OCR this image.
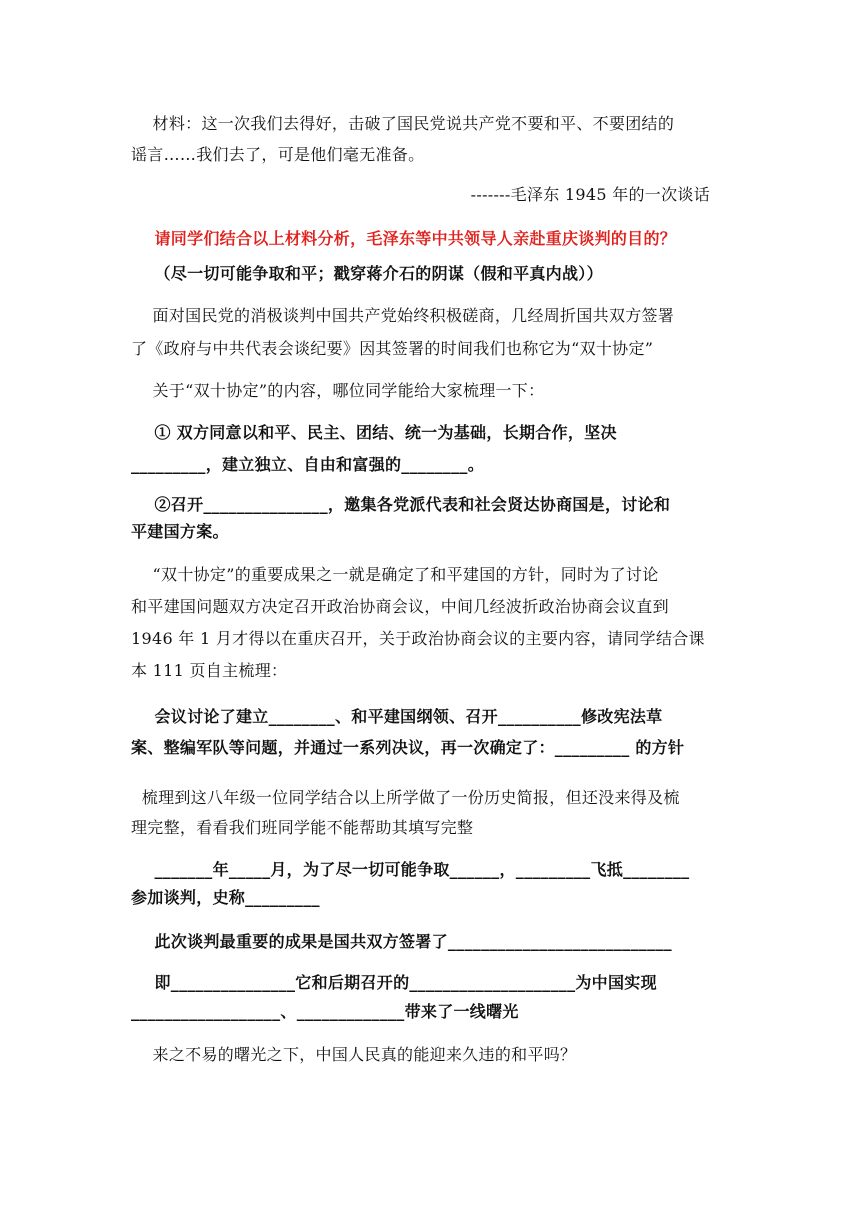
材料：这一次我们去得好，击破了国民党说共产党不要和平、不要团结的
谣言……我们去了，可是他们毫无准备。
-------毛泽东 1945 年的一次谈话
请同学们结合以上材料分析，毛泽东等中共领导人亲赴重庆谈判的目的？
（尽一切可能争取和平；戳穿蒋介石的阴谋（假和平真内战））
面对国民党的消极谈判中国共产党始终积极磋商，几经周折国共双方签署
了《政府与中共代表会谈纪要》因其签署的时间我们也称它为“双十协定”
关于“双十协定”的内容，哪位同学能给大家梳理一下：
① 双方同意以和平、民主、团结、统一为基础，长期合作，坚决
_________，建立独立、自由和富强的________。
②召开_______________，邀集各党派代表和社会贤达协商国是，讨论和
平建国方案。
“双十协定”的重要成果之一就是确定了和平建国的方针，同时为了讨论
和平建国问题双方决定召开政治协商会议，中间几经波折政治协商会议直到
1946 年 1 月才得以在重庆召开，关于政治协商会议的主要内容，请同学结合课
本 111 页自主梳理：
会议讨论了建立________、和平建国纲领、召开__________修改宪法草
案、整编军队等问题，并通过一系列决议，再一次确定了：_________ 的方针
梳理到这八年级一位同学结合以上所学做了一份历史简报，但还没来得及梳
理完整，看看我们班同学能不能帮助其填写完整
_______年_____月，为了尽一切可能争取______，_________飞抵________
参加谈判，史称_________
此次谈判最重要的成果是国共双方签署了___________________________
即_______________它和后期召开的____________________为中国实现
__________________、_____________带来了一线曙光
来之不易的曙光之下，中国人民真的能迎来久违的和平吗？
